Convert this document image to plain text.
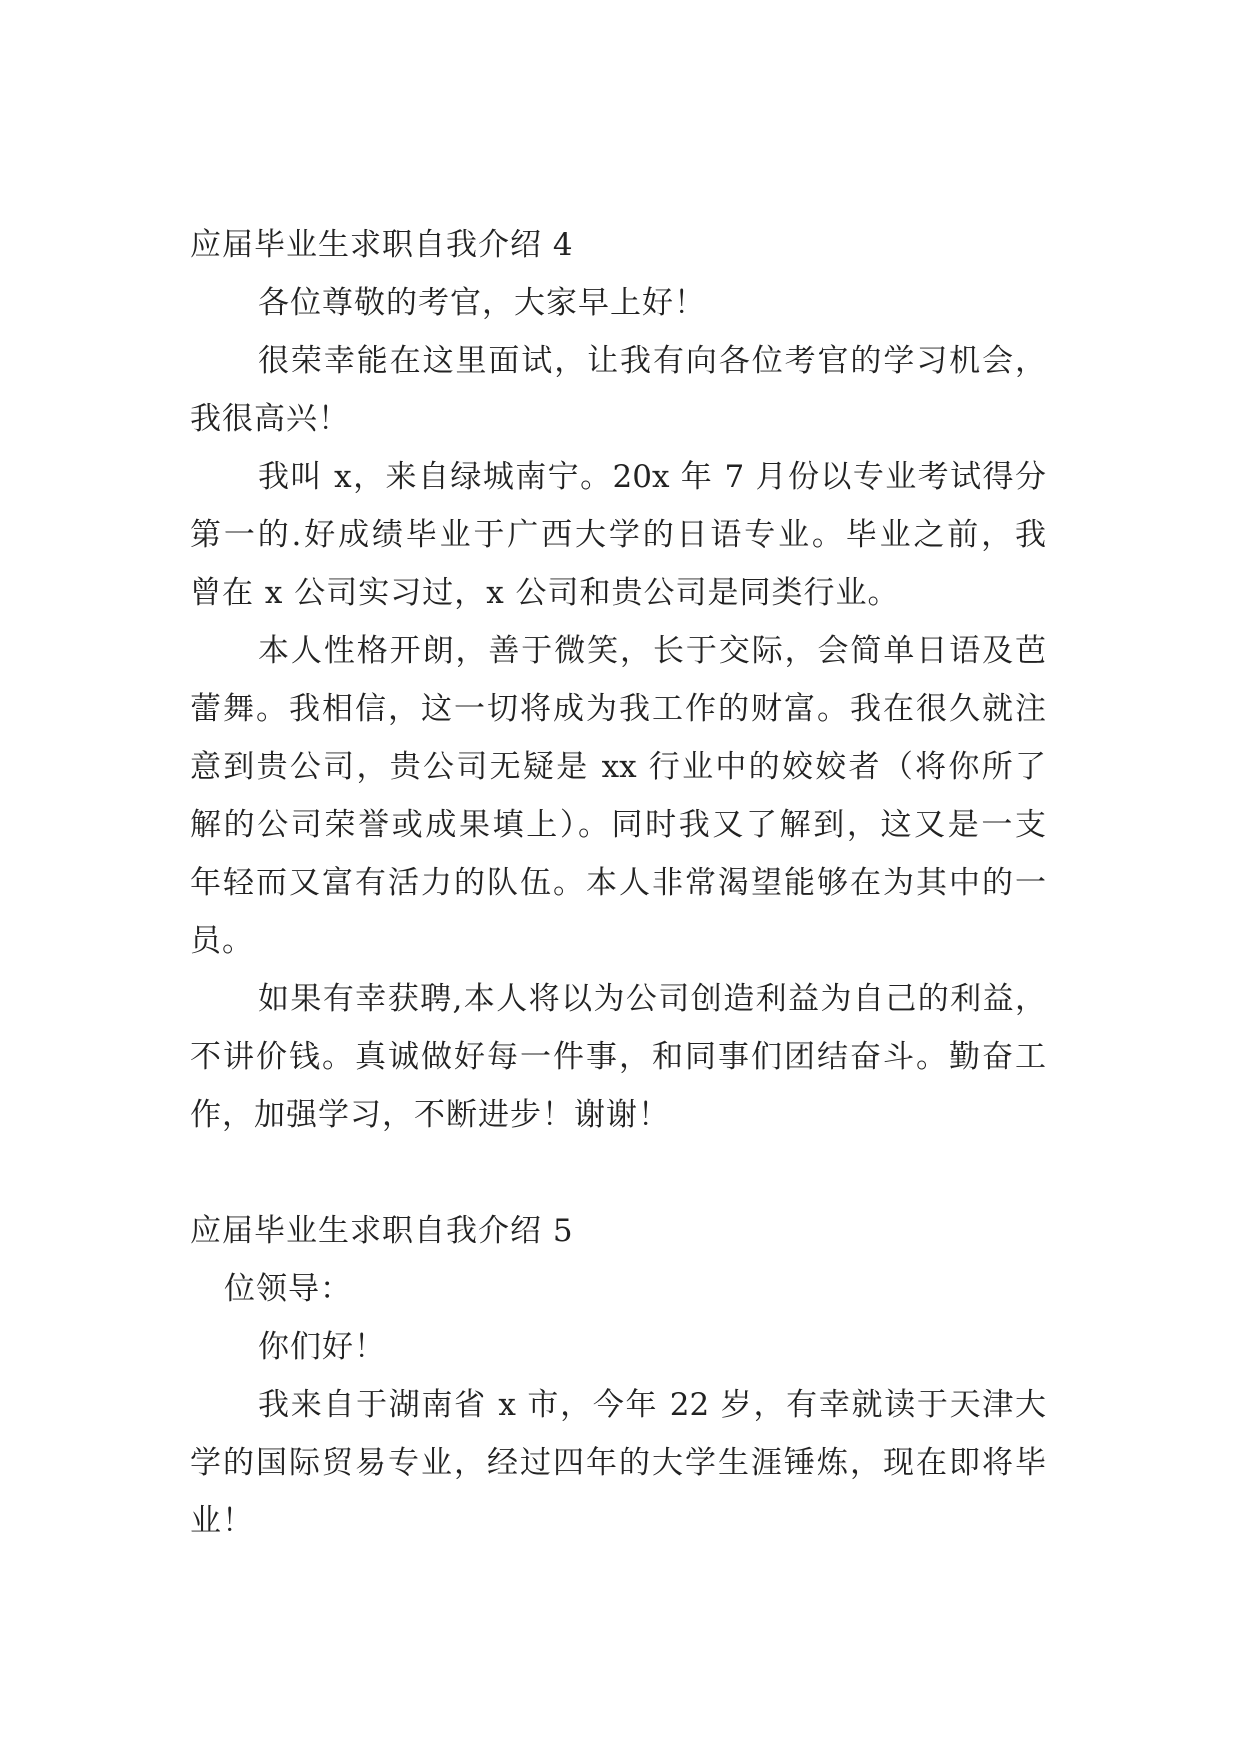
应届毕业生求职自我介绍 4
各位尊敬的考官，大家早上好！
很荣幸能在这里面试，让我有向各位考官的学习机会，
我很高兴！
我叫 x，来自绿城南宁。20x 年 7 月份以专业考试得分
第一的.好成绩毕业于广西大学的日语专业。毕业之前，我
曾在 x 公司实习过，x 公司和贵公司是同类行业。
本人性格开朗，善于微笑，长于交际，会简单日语及芭
蕾舞。我相信，这一切将成为我工作的财富。我在很久就注
意到贵公司，贵公司无疑是 xx 行业中的姣姣者（将你所了
解的公司荣誉或成果填上）。同时我又了解到，这又是一支
年轻而又富有活力的队伍。本人非常渴望能够在为其中的一
员。
如果有幸获聘,本人将以为公司创造利益为自己的利益，
不讲价钱。真诚做好每一件事，和同事们团结奋斗。勤奋工
作，加强学习，不断进步！谢谢！
应届毕业生求职自我介绍 5
位领导：
你们好！
我来自于湖南省 x 市，今年 22 岁，有幸就读于天津大
学的国际贸易专业，经过四年的大学生涯锤炼，现在即将毕
业！
